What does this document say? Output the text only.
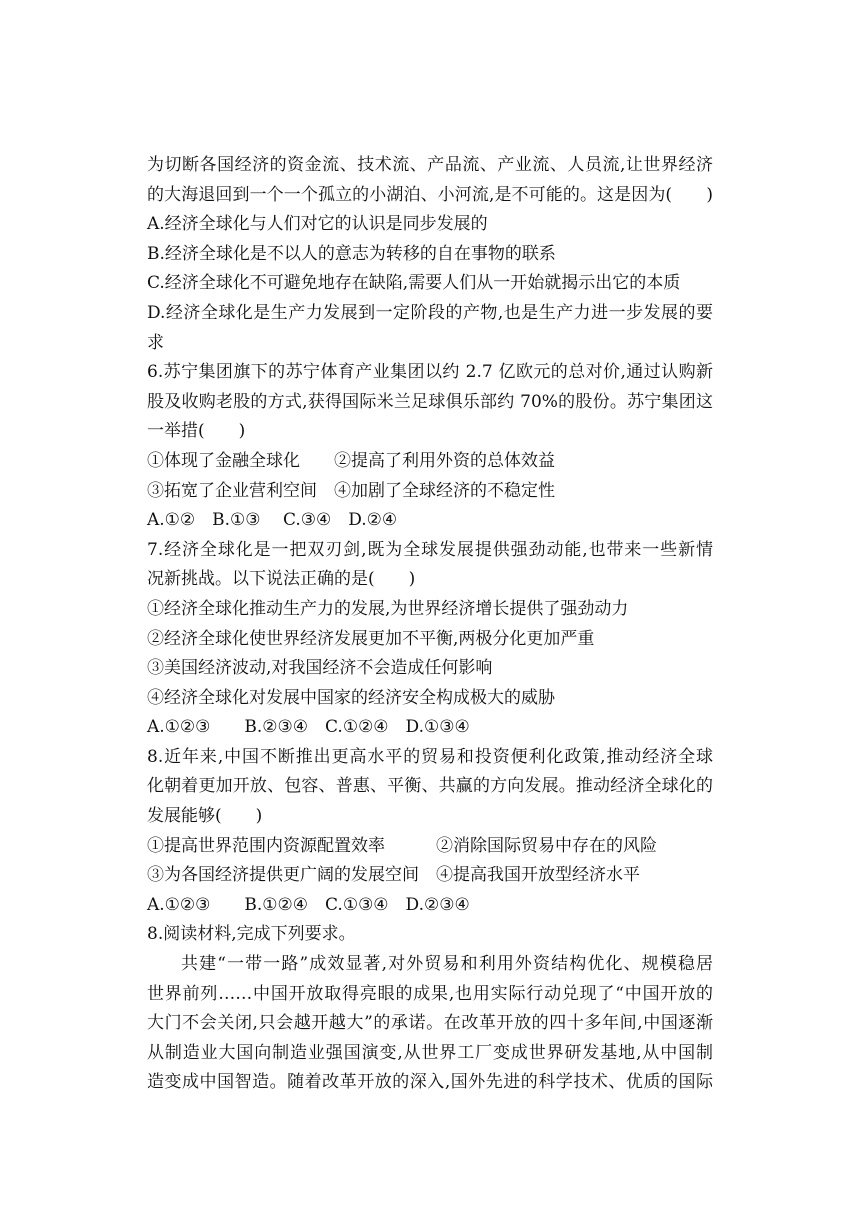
为切断各国经济的资金流、技术流、产品流、产业流、人员流,让世界经济
的大海退回到一个一个孤立的小湖泊、小河流,是不可能的。这是因为(　　)
A.经济全球化与人们对它的认识是同步发展的
B.经济全球化是不以人的意志为转移的自在事物的联系
C.经济全球化不可避免地存在缺陷,需要人们从一开始就揭示出它的本质
D.经济全球化是生产力发展到一定阶段的产物,也是生产力进一步发展的要
求
6.苏宁集团旗下的苏宁体育产业集团以约 2.7 亿欧元的总对价,通过认购新
股及收购老股的方式,获得国际米兰足球俱乐部约 70%的股份。苏宁集团这
一举措(　　)
①体现了金融全球化　　②提高了利用外资的总体效益
③拓宽了企业营利空间　④加剧了全球经济的不稳定性
A.①②　B.①③　 C.③④　D.②④
7.经济全球化是一把双刃剑,既为全球发展提供强劲动能,也带来一些新情
况新挑战。以下说法正确的是(　　)
①经济全球化推动生产力的发展,为世界经济增长提供了强劲动力
②经济全球化使世界经济发展更加不平衡,两极分化更加严重
③美国经济波动,对我国经济不会造成任何影响
④经济全球化对发展中国家的经济安全构成极大的威胁
A.①②③　　B.②③④　C.①②④　D.①③④
8.近年来,中国不断推出更高水平的贸易和投资便利化政策,推动经济全球
化朝着更加开放、包容、普惠、平衡、共赢的方向发展。推动经济全球化的
发展能够(　　)
①提高世界范围内资源配置效率　　　②消除国际贸易中存在的风险
③为各国经济提供更广阔的发展空间　④提高我国开放型经济水平
A.①②③　　B.①②④　C.①③④　D.②③④
8.阅读材料,完成下列要求。
共建“一带一路”成效显著,对外贸易和利用外资结构优化、规模稳居
世界前列……中国开放取得亮眼的成果,也用实际行动兑现了“中国开放的
大门不会关闭,只会越开越大”的承诺。在改革开放的四十多年间,中国逐渐
从制造业大国向制造业强国演变,从世界工厂变成世界研发基地,从中国制
造变成中国智造。随着改革开放的深入,国外先进的科学技术、优质的国际
